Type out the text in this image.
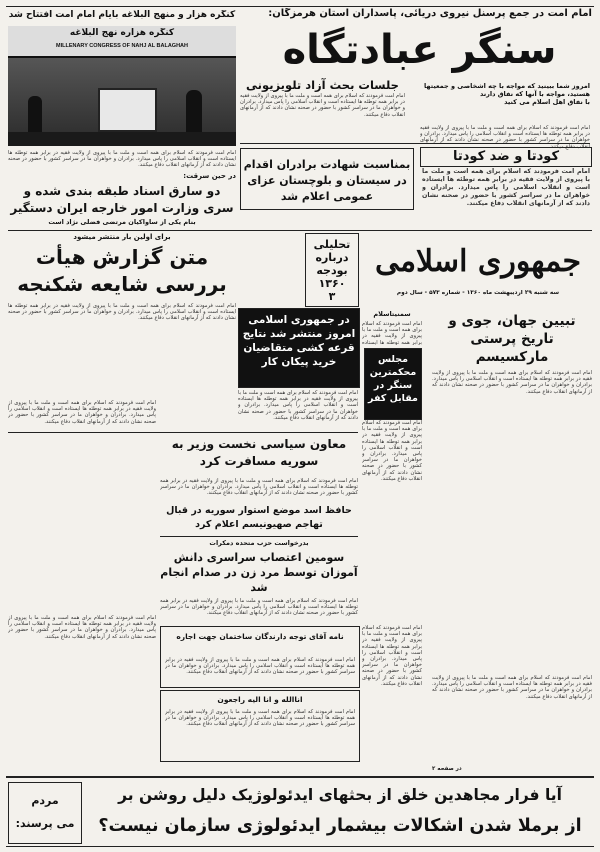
امام امت در جمع پرسنل نیروی دریائی، پاسداران استان هرمزگان:
سنگر عبادتگاه
امروز شما ببینید که مواجه با چه اشخاصی و جمعیتها هستید، مواجه با آنها که نفاق دارند
با نفاق اهل اسلام می کنید
امام امت فرمودند که اسلام برای همه است و ملت ما با پیروی از ولایت فقیه در برابر همه توطئه ها ایستاده است و انقلاب اسلامی را پاس میدارد. برادران و خواهران ما در سراسر کشور با حضور در صحنه نشان دادند که از آرمانهای انقلاب دفاع میکنند.
جلسات بحث آزاد تلویزیونی
امام امت فرمودند که اسلام برای همه است و ملت ما با پیروی از ولایت فقیه در برابر همه توطئه ها ایستاده است و انقلاب اسلامی را پاس میدارد. برادران و خواهران ما در سراسر کشور با حضور در صحنه نشان دادند که از آرمانهای انقلاب دفاع میکنند.
کودتا و ضد کودتا
امام امت فرمودند که اسلام برای همه است و ملت ما با پیروی از ولایت فقیه در برابر همه توطئه ها ایستاده است و انقلاب اسلامی را پاس میدارد. برادران و خواهران ما در سراسر کشور با حضور در صحنه نشان دادند که از آرمانهای انقلاب دفاع میکنند.
بمناسبت شهادت برادران اقدام در سیستان و بلوچستان عزای عمومی اعلام شد
کنگره هزار و منهج البلاغه بایام امام امت افتتاح شد
کنگره هزاره نهج البلاغه
MILLENARY CONGRESS OF NAHJ AL BALAGHAH
امام امت فرمودند که اسلام برای همه است و ملت ما با پیروی از ولایت فقیه در برابر همه توطئه ها ایستاده است و انقلاب اسلامی را پاس میدارد. برادران و خواهران ما در سراسر کشور با حضور در صحنه نشان دادند که از آرمانهای انقلاب دفاع میکنند.
در حین سرقت:
دو سارق اسناد طبقه بندی شده و سری وزارت امور خارجه ایران دستگیر
بنام یکی از ساواکیان مرتضی فضلی نژاد است
برای اولین بار منتشر میشود
متن گزارش هیأت بررسی شایعه شکنجه
امام امت فرمودند که اسلام برای همه است و ملت ما با پیروی از ولایت فقیه در برابر همه توطئه ها ایستاده است و انقلاب اسلامی را پاس میدارد. برادران و خواهران ما در سراسر کشور با حضور در صحنه نشان دادند که از آرمانهای انقلاب دفاع میکنند.
تحلیلی درباره بودجه ۱۳۶۰
۳
جمهوری اسلامی
سه شنبه ۲۹ اردیبهشت ماه ۱۳۶۰ - شماره ۵۷۳ - سال دوم
در جمهوری اسلامی امروز منتشر شد نتایج قرعه کشی متقاضیان خرید پیکان کار
سمنیتاسلام
امام امت فرمودند که اسلام برای همه است و ملت ما با پیروی از ولایت فقیه در برابر همه توطئه ها ایستاده
مجلس محکمترین سنگر در مقابل کفر
امام امت فرمودند که اسلام برای همه است و ملت ما با پیروی از ولایت فقیه در برابر همه توطئه ها ایستاده است و انقلاب اسلامی را پاس میدارد. برادران و خواهران ما در سراسر کشور با حضور در صحنه نشان دادند که از آرمانهای انقلاب دفاع میکنند.
تبیین جهان، جوی و تاریخ پرستی مارکسیسم
امام امت فرمودند که اسلام برای همه است و ملت ما با پیروی از ولایت فقیه در برابر همه توطئه ها ایستاده است و انقلاب اسلامی را پاس میدارد. برادران و خواهران ما در سراسر کشور با حضور در صحنه نشان دادند که از آرمانهای انقلاب دفاع میکنند.
امام امت فرمودند که اسلام برای همه است و ملت ما با پیروی از ولایت فقیه در برابر همه توطئه ها ایستاده است و انقلاب اسلامی را پاس میدارد. برادران و خواهران ما در سراسر کشور با حضور در صحنه نشان دادند که از آرمانهای انقلاب دفاع میکنند.
معاون سیاسی نخست وزیر به سوریه مسافرت کرد
امام امت فرمودند که اسلام برای همه است و ملت ما با پیروی از ولایت فقیه در برابر همه توطئه ها ایستاده است و انقلاب اسلامی را پاس میدارد. برادران و خواهران ما در سراسر کشور با حضور در صحنه نشان دادند که از آرمانهای انقلاب دفاع میکنند.
حافظ اسد موضع استوار سوریه در قبال تهاجم صهیونیسم اعلام کرد
امام امت فرمودند که اسلام برای همه است و ملت ما با پیروی از ولایت فقیه در برابر همه توطئه ها ایستاده است و انقلاب اسلامی را پاس میدارد. برادران و خواهران ما در سراسر کشور با حضور در صحنه نشان دادند که از آرمانهای انقلاب دفاع میکنند.
بدرخواست حزب متحده دمکرات
سومین اعتصاب سراسری دانش آموزان توسط مرد زن در صدام انجام شد
امام امت فرمودند که اسلام برای همه است و ملت ما با پیروی از ولایت فقیه در برابر همه توطئه ها ایستاده است و انقلاب اسلامی را پاس میدارد. برادران و خواهران ما در سراسر کشور با حضور در صحنه نشان دادند که از آرمانهای انقلاب دفاع میکنند.
نامه آقای توجه دارندگان ساختمان جهت اجاره
امام امت فرمودند که اسلام برای همه است و ملت ما با پیروی از ولایت فقیه در برابر همه توطئه ها ایستاده است و انقلاب اسلامی را پاس میدارد. برادران و خواهران ما در سراسر کشور با حضور در صحنه نشان دادند که از آرمانهای انقلاب دفاع میکنند.
اناالله و انا الیه راجعون
امام امت فرمودند که اسلام برای همه است و ملت ما با پیروی از ولایت فقیه در برابر همه توطئه ها ایستاده است و انقلاب اسلامی را پاس میدارد. برادران و خواهران ما در سراسر کشور با حضور در صحنه نشان دادند که از آرمانهای انقلاب دفاع میکنند.
امام امت فرمودند که اسلام برای همه است و ملت ما با پیروی از ولایت فقیه در برابر همه توطئه ها ایستاده است و انقلاب اسلامی را پاس میدارد. برادران و خواهران ما در سراسر کشور با حضور در صحنه نشان دادند که از آرمانهای انقلاب دفاع میکنند.
امام امت فرمودند که اسلام برای همه است و ملت ما با پیروی از ولایت فقیه در برابر همه توطئه ها ایستاده است و انقلاب اسلامی را پاس میدارد. برادران و خواهران ما در سراسر کشور با حضور در صحنه نشان دادند که از آرمانهای انقلاب دفاع میکنند.
امام امت فرمودند که اسلام برای همه است و ملت ما با پیروی از ولایت فقیه در برابر همه توطئه ها ایستاده است و انقلاب اسلامی را پاس میدارد. برادران و خواهران ما در سراسر کشور با حضور در صحنه نشان دادند که از آرمانهای انقلاب دفاع میکنند.
در صفحه ۲
آیا فرار مجاهدین خلق از بحثهای ایدئولوژیک دلیل روشن بر
از برملا شدن اشکالات بیشمار ایدئولوژی سازمان نیست؟
مردم
می پرسند:
